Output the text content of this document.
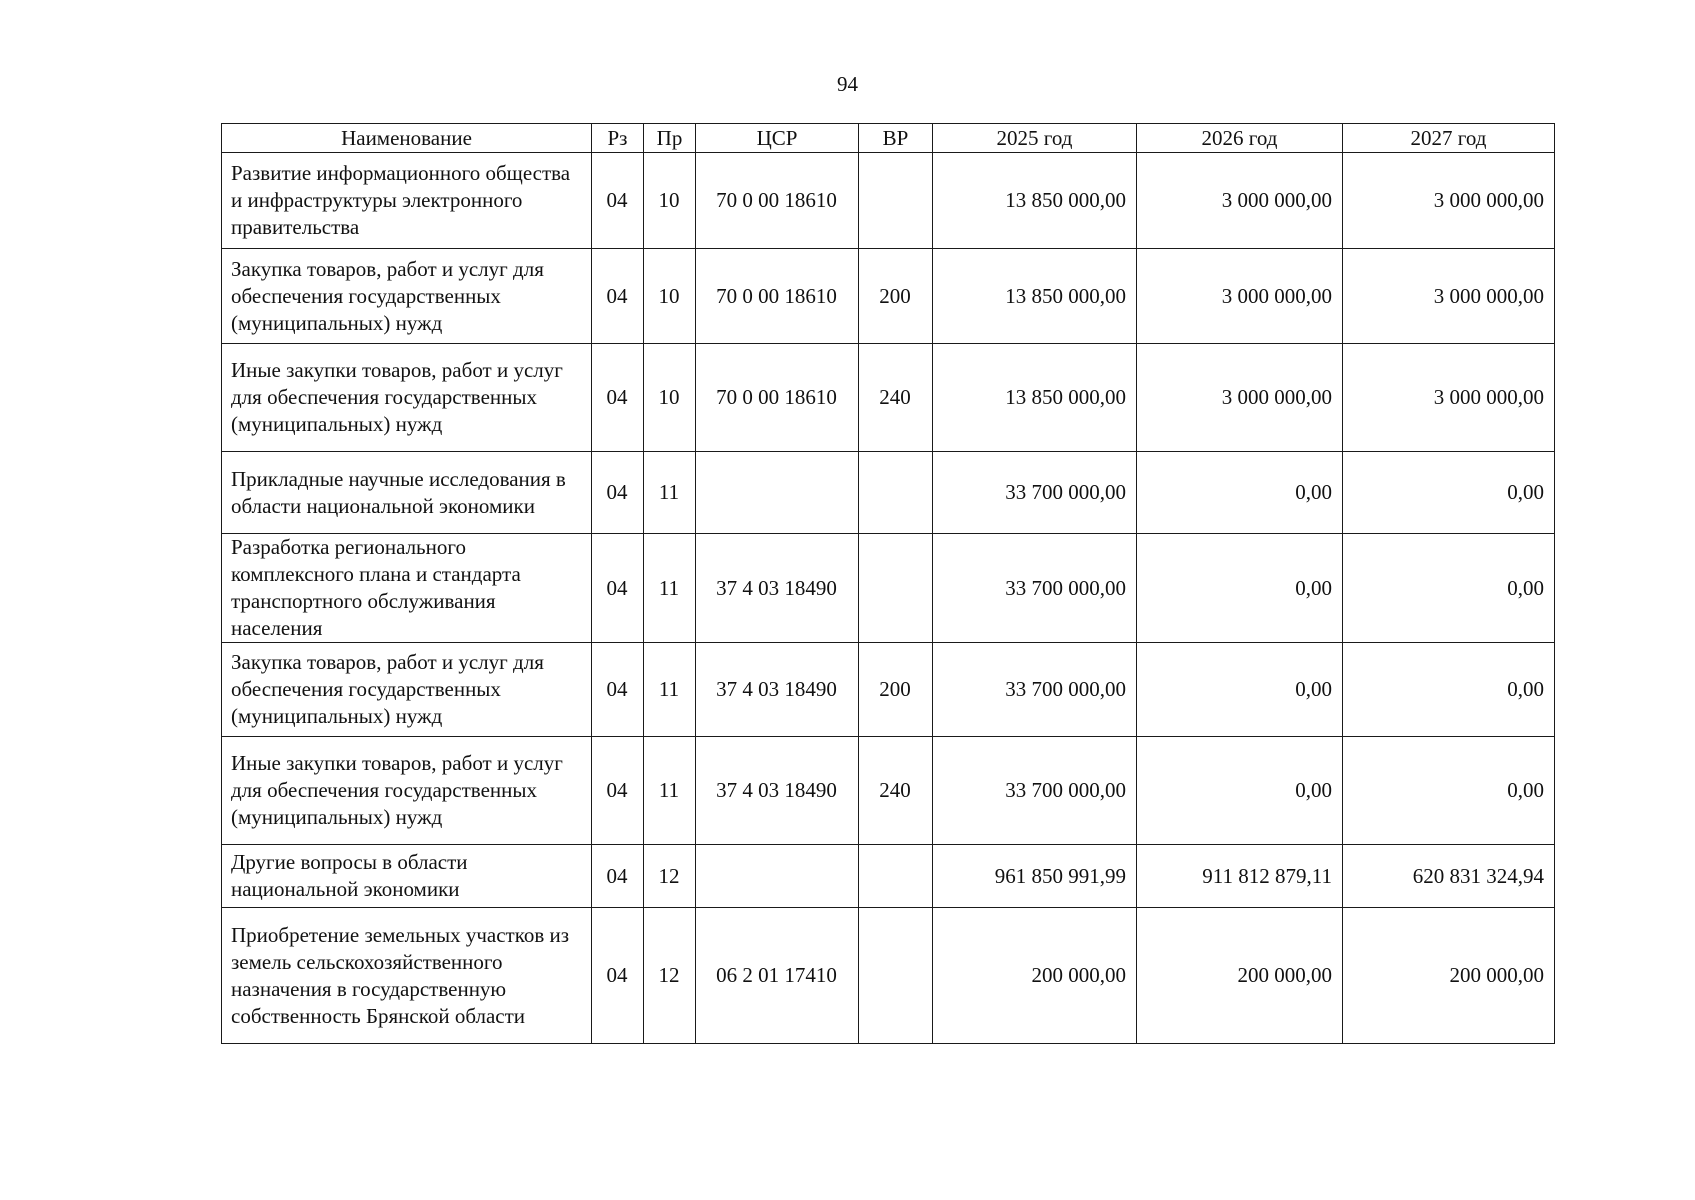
94
Наименование	Рз	Пр	ЦСР	ВР	2025 год	2026 год	2027 год
Развитие информационного общества и инфраструктуры электронного правительства	04	10	70 0 00 18610		13 850 000,00	3 000 000,00	3 000 000,00
Закупка товаров, работ и услуг для обеспечения государственных (муниципальных) нужд	04	10	70 0 00 18610	200	13 850 000,00	3 000 000,00	3 000 000,00
Иные закупки товаров, работ и услуг для обеспечения государственных (муниципальных) нужд	04	10	70 0 00 18610	240	13 850 000,00	3 000 000,00	3 000 000,00
Прикладные научные исследования в области национальной экономики	04	11			33 700 000,00	0,00	0,00
Разработка регионального комплексного плана и стандарта транспортного обслуживания населения	04	11	37 4 03 18490		33 700 000,00	0,00	0,00
Закупка товаров, работ и услуг для обеспечения государственных (муниципальных) нужд	04	11	37 4 03 18490	200	33 700 000,00	0,00	0,00
Иные закупки товаров, работ и услуг для обеспечения государственных (муниципальных) нужд	04	11	37 4 03 18490	240	33 700 000,00	0,00	0,00
Другие вопросы в области национальной экономики	04	12			961 850 991,99	911 812 879,11	620 831 324,94
Приобретение земельных участков из земель сельскохозяйственного назначения в государственную собственность Брянской области	04	12	06 2 01 17410		200 000,00	200 000,00	200 000,00
